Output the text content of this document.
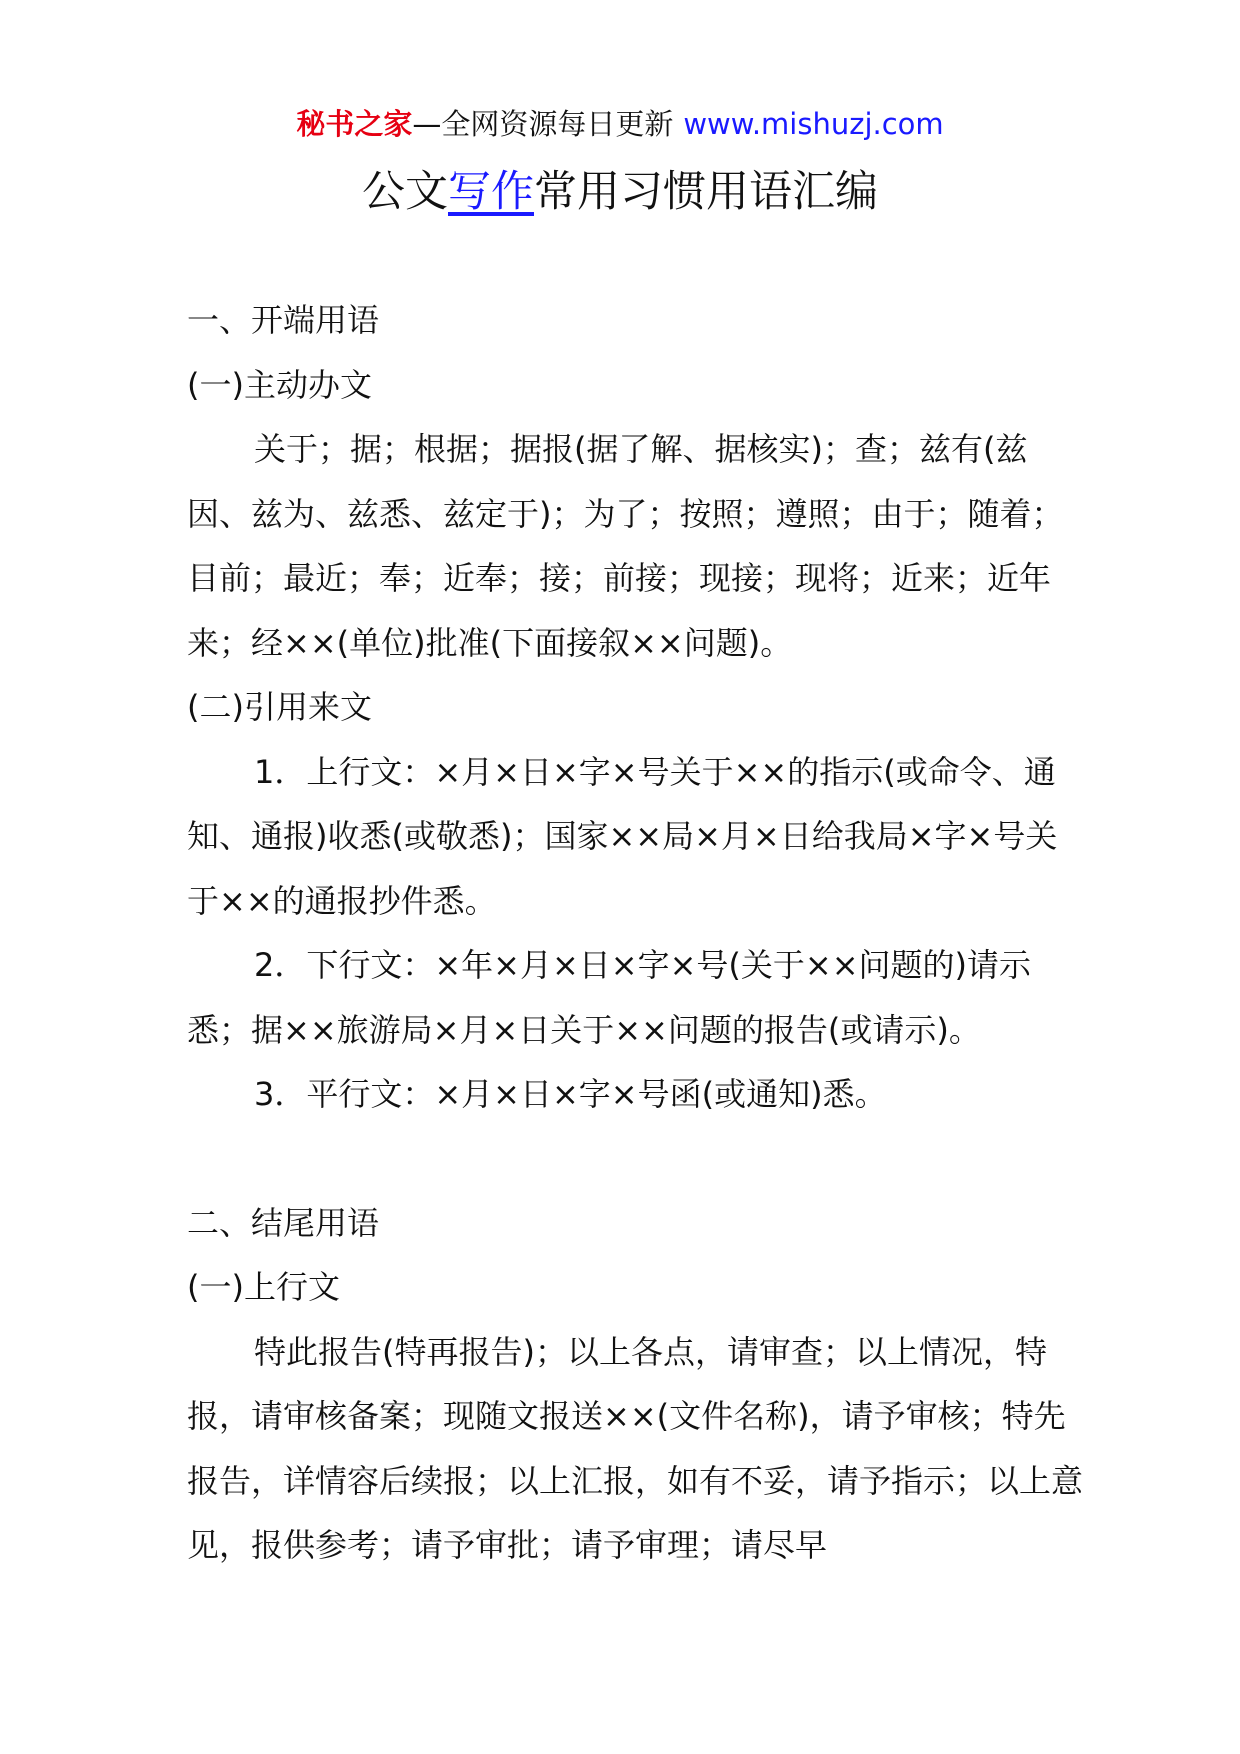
秘书之家—全网资源每日更新 www.mishuzj.com
公文写作常用习惯用语汇编

一、开端用语

(一)主动办文

关于；据；根据；据报(据了解、据核实)；查；兹有(兹因、兹为、兹悉、兹定于)；为了；按照；遵照；由于；随着；目前；最近；奉；近奉；接；前接；现接；现将；近来；近年来；经××(单位)批准(下面接叙××问题)。

(二)引用来文

1．上行文：×月×日×字×号关于××的指示(或命令、通知、通报)收悉(或敬悉)；国家××局×月×日给我局×字×号关于××的通报抄件悉。

2．下行文：×年×月×日×字×号(关于××问题的)请示悉；据××旅游局×月×日关于××问题的报告(或请示)。

3．平行文：×月×日×字×号函(或通知)悉。

二、结尾用语

(一)上行文

特此报告(特再报告)；以上各点，请审查；以上情况，特报，请审核备案；现随文报送××(文件名称)，请予审核；特先报告，详情容后续报；以上汇报，如有不妥，请予指示；以上意见，报供参考；请予审批；请予审理；请尽早
